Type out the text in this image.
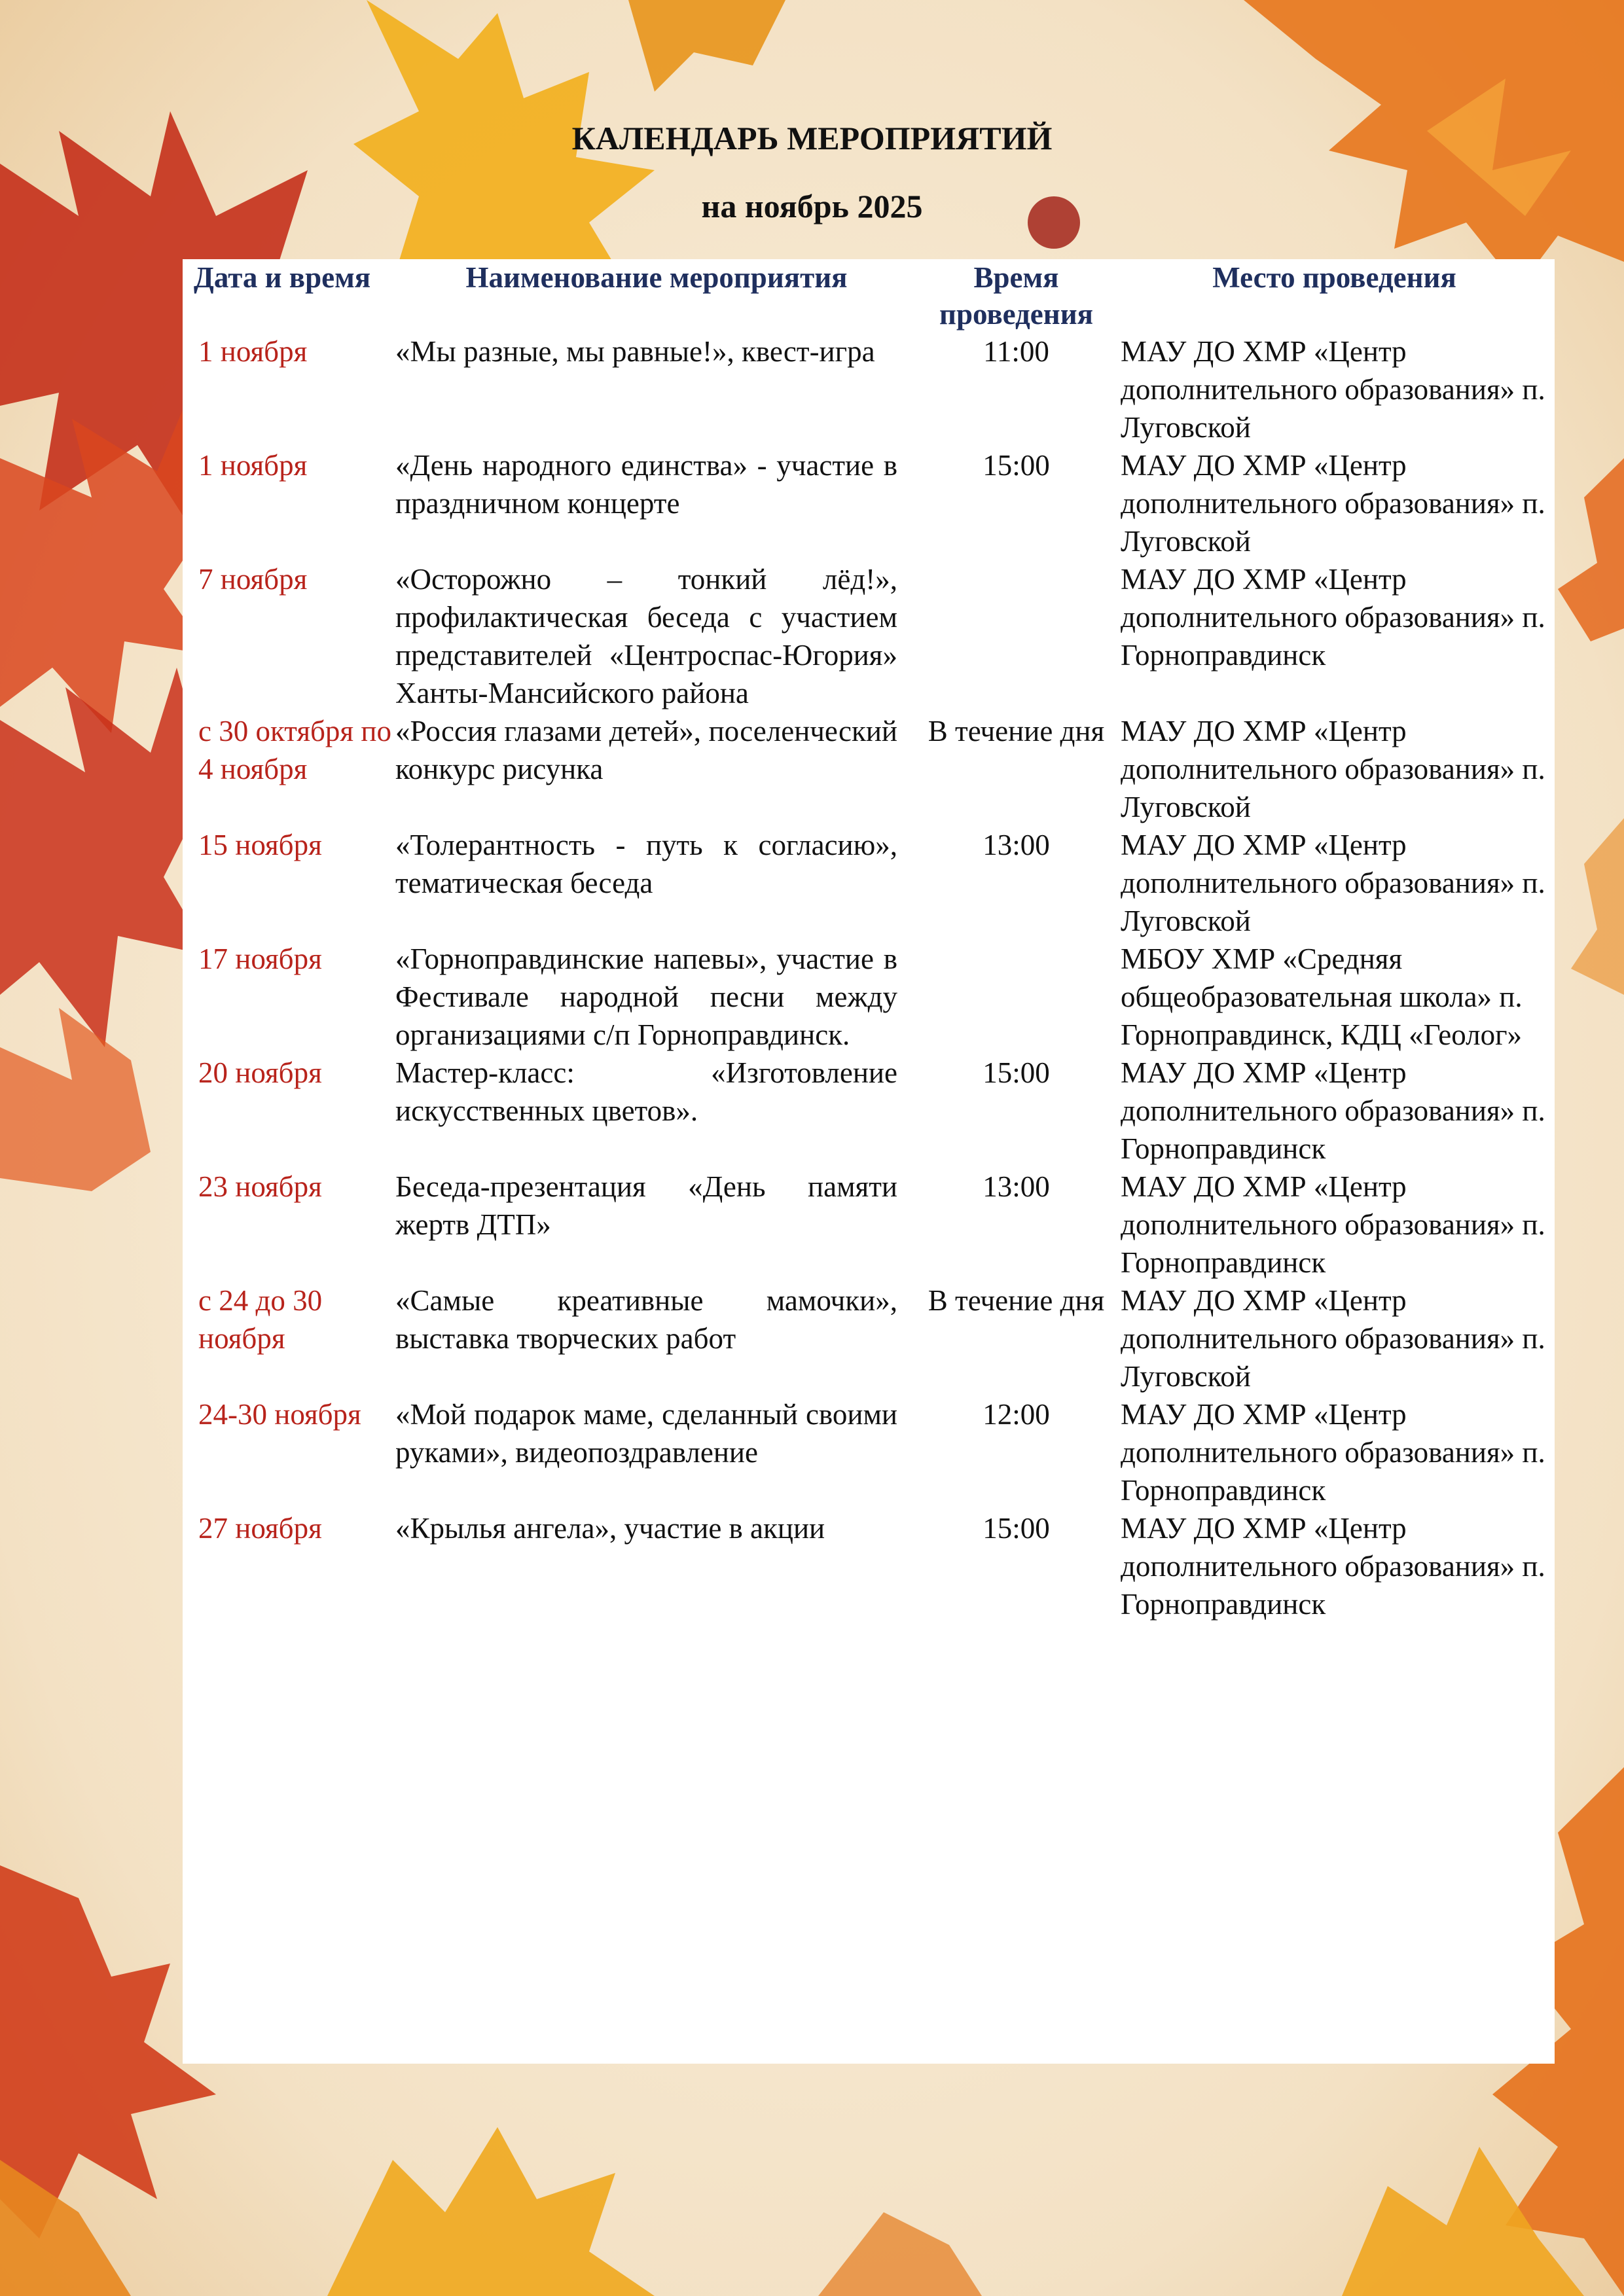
КАЛЕНДАРЬ МЕРОПРИЯТИЙ
на ноябрь 2025
Дата и время	Наименование мероприятия	Время проведения	Место проведения
1 ноября	«Мы разные, мы равные!», квест-игра	11:00	МАУ ДО ХМР «Центр дополнительного образования» п. Луговской
1 ноября	«День народного единства» - участие в праздничном концерте	15:00	МАУ ДО ХМР «Центр дополнительного образования» п. Луговской
7 ноября	«Осторожно – тонкий лёд!», профилактическая беседа с участием представителей «Центроспас-Югория» Ханты-Мансийского района		МАУ ДО ХМР «Центр дополнительного образования» п. Горноправдинск
с 30 октября по 4 ноября	«Россия глазами детей», поселенческий конкурс рисунка	В течение дня	МАУ ДО ХМР «Центр дополнительного образования» п. Луговской
15 ноября	«Толерантность - путь к согласию», тематическая беседа	13:00	МАУ ДО ХМР «Центр дополнительного образования» п. Луговской
17 ноября	«Горноправдинские напевы», участие в Фестивале народной песни между организациями с/п Горноправдинск.		МБОУ ХМР «Средняя общеобразовательная школа» п. Горноправдинск, КДЦ «Геолог»
20 ноября	Мастер-класс: «Изготовление искусственных цветов».	15:00	МАУ ДО ХМР «Центр дополнительного образования» п. Горноправдинск
23 ноября	Беседа-презентация «День памяти жертв ДТП»	13:00	МАУ ДО ХМР «Центр дополнительного образования» п. Горноправдинск
с 24 до 30 ноября	«Самые креативные мамочки», выставка творческих работ	В течение дня	МАУ ДО ХМР «Центр дополнительного образования» п. Луговской
24-30 ноября	«Мой подарок маме, сделанный своими руками», видеопоздравление	12:00	МАУ ДО ХМР «Центр дополнительного образования» п. Горноправдинск
27 ноября	«Крылья ангела», участие в акции	15:00	МАУ ДО ХМР «Центр дополнительного образования» п. Горноправдинск
